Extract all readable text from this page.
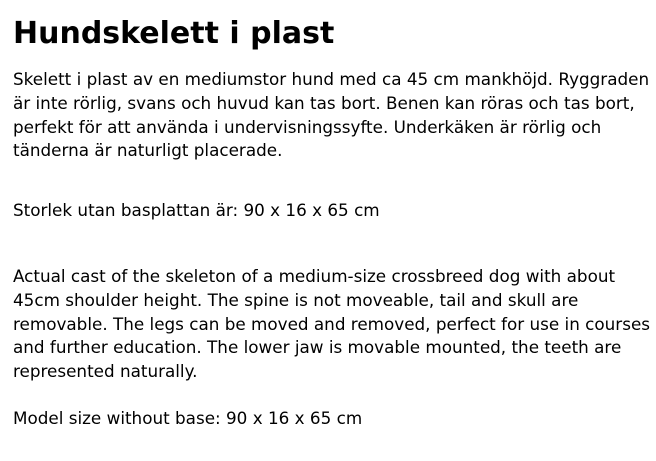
Hundskelett i plast

Skelett i plast av en mediumstor hund med ca 45 cm mankhöjd. Ryggraden är inte rörlig, svans och huvud kan tas bort. Benen kan röras och tas bort, perfekt för att använda i undervisningssyfte. Underkäken är rörlig och tänderna är naturligt placerade.

Storlek utan basplattan är: 90 x 16 x 65 cm

Actual cast of the skeleton of a medium-size crossbreed dog with about 45cm shoulder height. The spine is not moveable, tail and skull are removable. The legs can be moved and removed, perfect for use in courses and further education. The lower jaw is movable mounted, the teeth are represented naturally.

Model size without base: 90 x 16 x 65 cm
